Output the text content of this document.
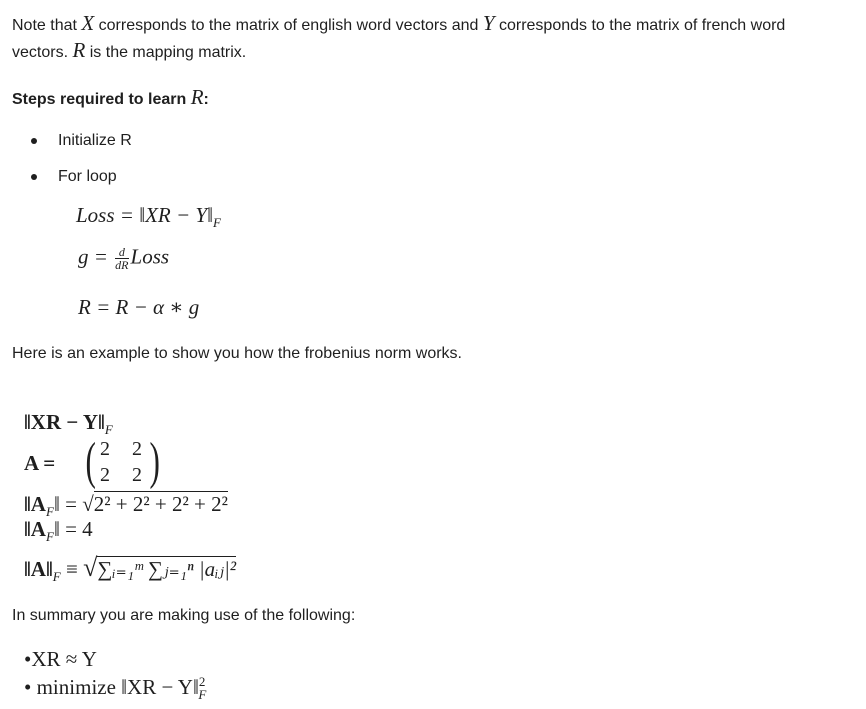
Note that X corresponds to the matrix of english word vectors and Y corresponds to the matrix of french word
vectors. R is the mapping matrix.
Steps required to learn R:
Initialize R
For loop
Loss = ‖XR − $Y‖_F$
$g = \frac{d}{dR}$ Loss
R = R − α ∗ g
Here is an example to show you how the frobenius norm works.
‖XR − $Y‖_F$
A = ( 2 2
2 2 )
$‖A_F‖ = √2^2 + 2^2 + 2^2 + 2^2$
$‖A_F‖ = 4$
$‖A‖_F$ ≡ √∑ᵢ₌₁ᵐ ∑ⱼ₌₁ⁿ |aᵢⱼ|²
In summary you are making use of the following:
•XR ≈ Y
• minimize ‖XR − Y‖$^2_F$
